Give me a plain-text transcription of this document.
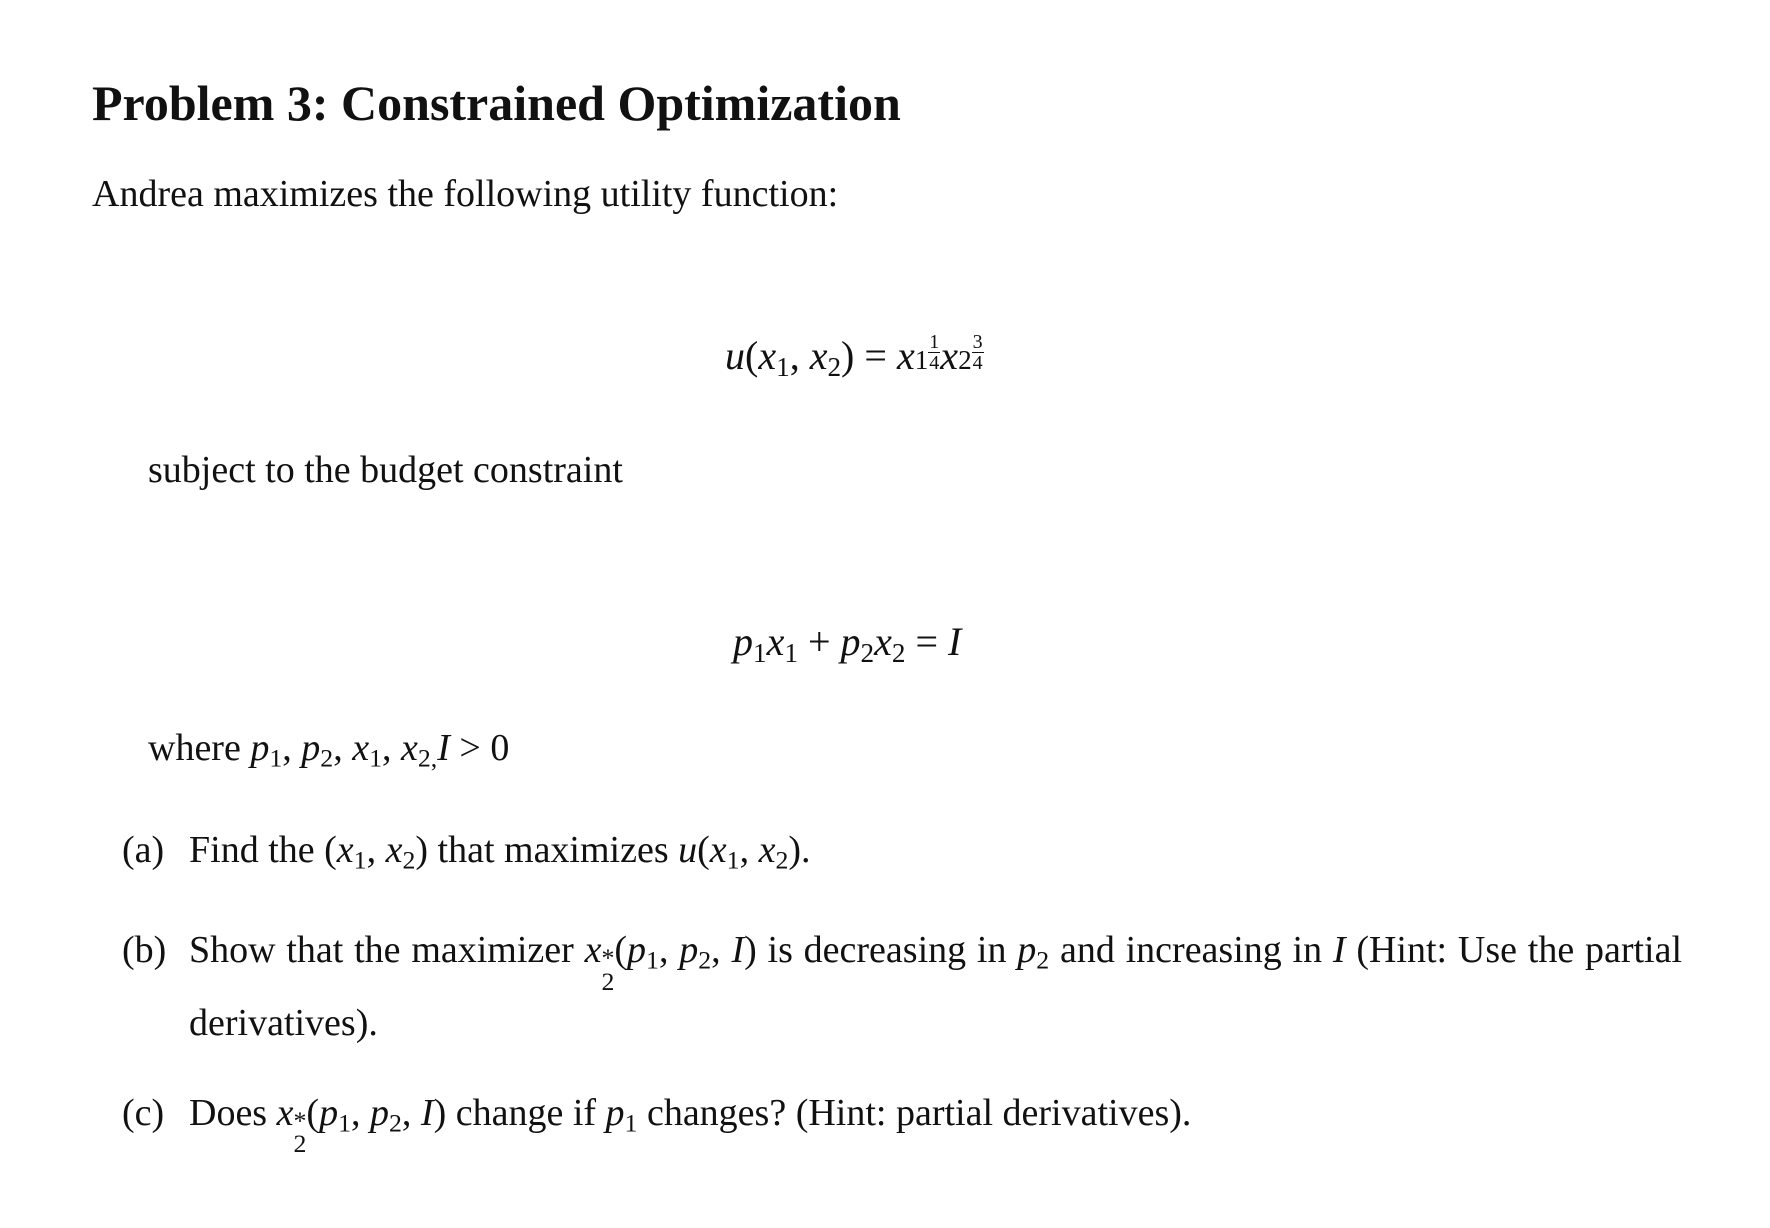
Problem 3: Constrained Optimization

Andrea maximizes the following utility function:

$u(x_1$, $x_2) = x$ $1 \frac{1}{4}$ x $2 \frac{3}{4}$

subject to the budget constraint

$p_1x_1 + p_2x_2 = I$

where $p_1$, $p_2$, $x_1$, $x_{2,}I > 0$

(a) Find the ($x_1$, $x_2$) that maximizes $u(x_1$, $x_2$).
(b) Show that the maximizer x *
2
($p_1$, $p_2$, I) is decreasing in $p_2$ and increasing in I (Hint: Use the partial derivatives).
(c) Does x *
2
($p_1$, $p_2$, I) change if $p_1$ changes? (Hint: partial derivatives).
